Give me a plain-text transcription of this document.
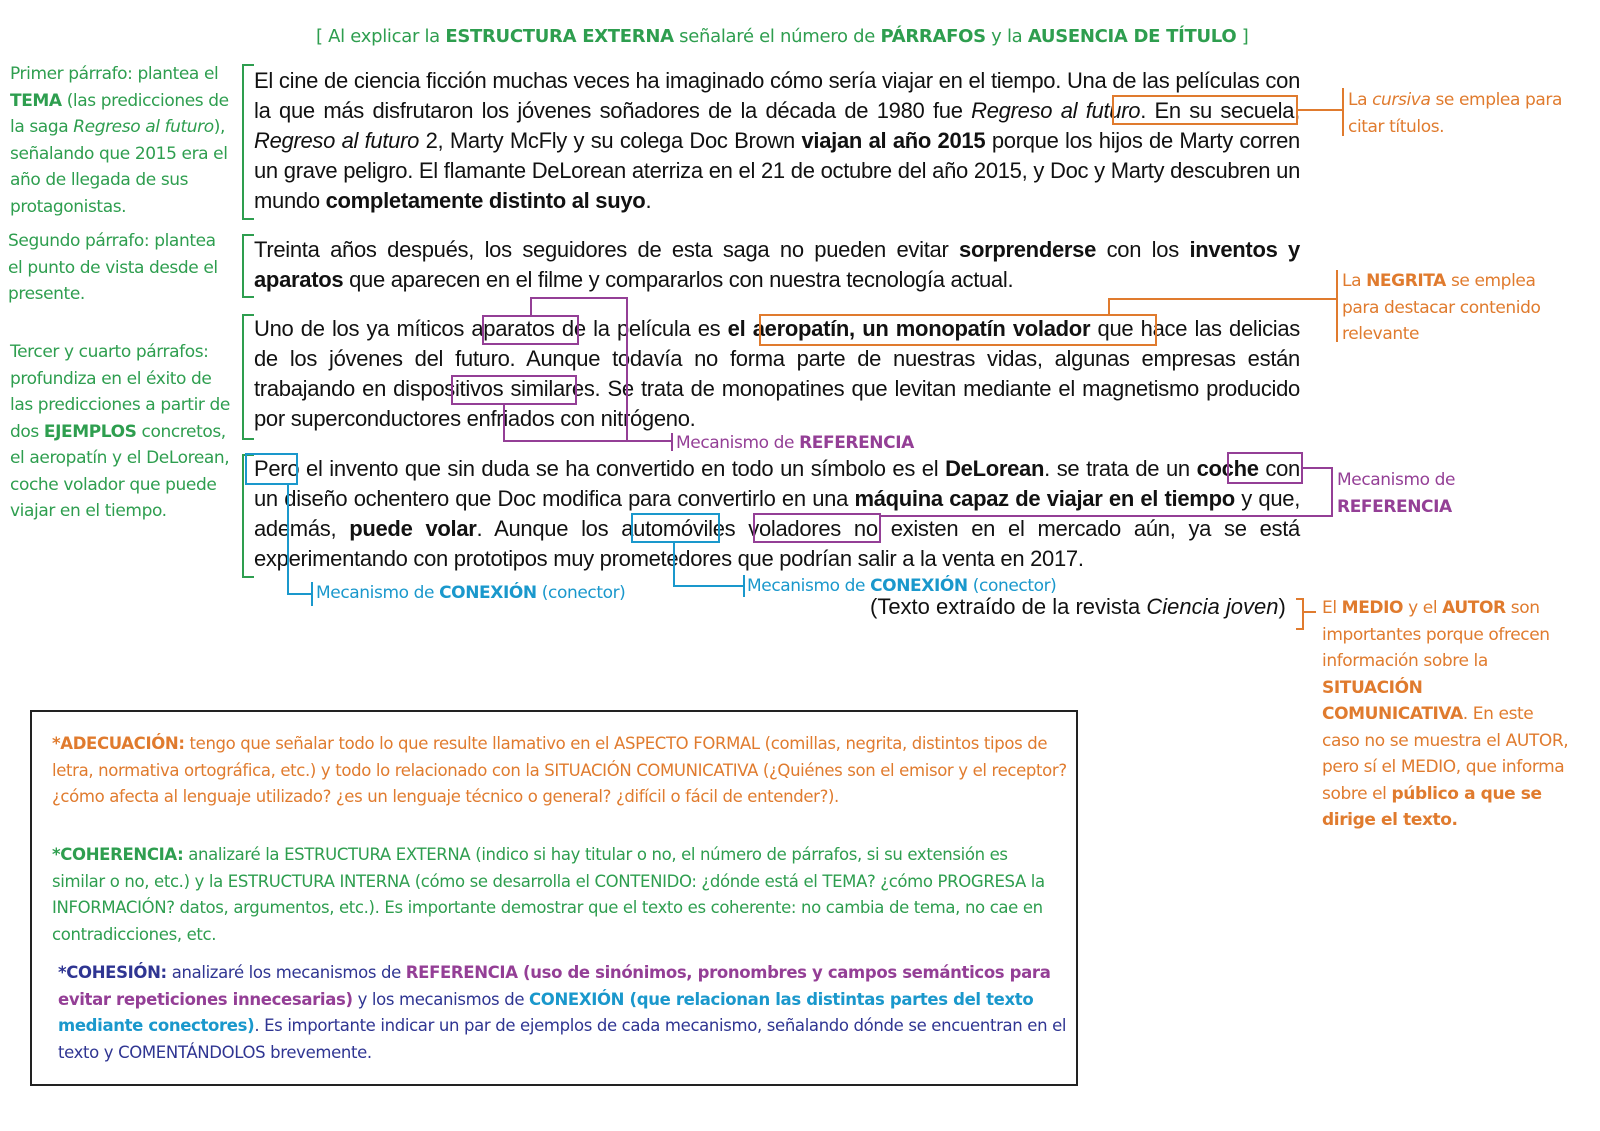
[ Al explicar la ESTRUCTURA EXTERNA señalaré el número de PÁRRAFOS y la AUSENCIA DE TÍTULO ]
Primer párrafo: plantea el TEMA (las predicciones de la saga Regreso al futuro), señalando que 2015 era el año de llegada de sus protagonistas.
Segundo párrafo: plantea el punto de vista desde el presente.
Tercer y cuarto párrafos: profundiza en el éxito de las predicciones a partir de dos EJEMPLOS concretos, el aeropatín y el DeLorean, coche volador que puede viajar en el tiempo.
El cine de ciencia ficción muchas veces ha imaginado cómo sería viajar en el tiempo. Una de las películas con la que más disfrutaron los jóvenes soñadores de la década de 1980 fue Regreso al futuro. En su secuela, Regreso al futuro 2, Marty McFly y su colega Doc Brown viajan al año 2015 porque los hijos de Marty corren un grave peligro. El flamante DeLorean aterriza en el 21 de octubre del año 2015, y Doc y Marty descubren un mundo completamente distinto al suyo.
Treinta años después, los seguidores de esta saga no pueden evitar sorprenderse con los inventos y aparatos que aparecen en el filme y compararlos con nuestra tecnología actual.
Uno de los ya míticos aparatos de la película es el aeropatín, un monopatín volador que hace las delicias de los jóvenes del futuro. Aunque todavía no forma parte de nuestras vidas, algunas empresas están trabajando en dispositivos similares. Se trata de monopatines que levitan mediante el magnetismo producido por superconductores enfriados con nitrógeno.
Pero el invento que sin duda se ha convertido en todo un símbolo es el DeLorean. se trata de un coche con un diseño ochentero que Doc modifica para convertirlo en una máquina capaz de viajar en el tiempo y que, además, puede volar. Aunque los automóviles voladores no existen en el mercado aún, ya se está experimentando con prototipos muy prometedores que podrían salir a la venta en 2017.
(Texto extraído de la revista Ciencia joven)
La cursiva se emplea para citar títulos.
La NEGRITA se emplea para destacar contenido relevante
El MEDIO y el AUTOR son importantes porque ofrecen información sobre la SITUACIÓN COMUNICATIVA. En este caso no se muestra el AUTOR, pero sí el MEDIO, que informa sobre el público a que se dirige el texto.
Mecanismo de REFERENCIA
Mecanismo de
REFERENCIA
Mecanismo de CONEXIÓN (conector)	Mecanismo de CONEXIÓN (conector)
*ADECUACIÓN: tengo que señalar todo lo que resulte llamativo en el ASPECTO FORMAL (comillas, negrita, distintos tipos de letra, normativa ortográfica, etc.) y todo lo relacionado con la SITUACIÓN COMUNICATIVA (¿Quiénes son el emisor y el receptor? ¿cómo afecta al lenguaje utilizado? ¿es un lenguaje técnico o general? ¿difícil o fácil de entender?).
*COHERENCIA: analizaré la ESTRUCTURA EXTERNA (indico si hay titular o no, el número de párrafos, si su extensión es similar o no, etc.) y la ESTRUCTURA INTERNA (cómo se desarrolla el CONTENIDO: ¿dónde está el TEMA? ¿cómo PROGRESA la INFORMACIÓN? datos, argumentos, etc.). Es importante demostrar que el texto es coherente: no cambia de tema, no cae en contradicciones, etc.
*COHESIÓN: analizaré los mecanismos de REFERENCIA (uso de sinónimos, pronombres y campos semánticos para evitar repeticiones innecesarias) y los mecanismos de CONEXIÓN (que relacionan las distintas partes del texto mediante conectores). Es importante indicar un par de ejemplos de cada mecanismo, señalando dónde se encuentran en el texto y COMENTÁNDOLOS brevemente.
